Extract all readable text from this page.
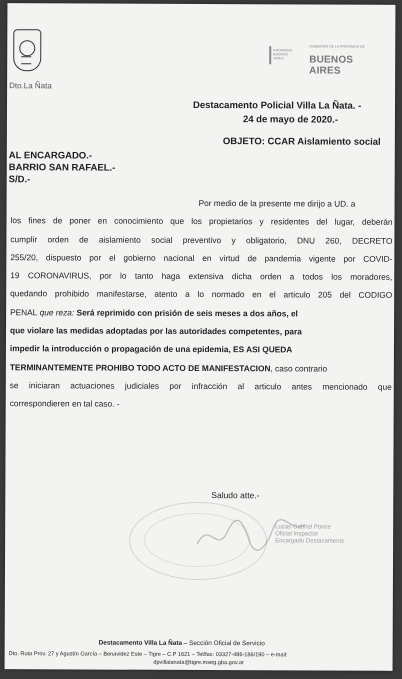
Dto.La Ñata
PROVINCIA BUENOS AIRES
GOBIERNO DE LA PROVINCIA DE
BUENOS AIRES
Destacamento Policial Villa La Ñata. -
24 de mayo de 2020.-
OBJETO: CCAR Aislamiento social
AL ENCARGADO.-
BARRIO SAN RAFAEL.-
S/D.-
Por medio de la presente me dirijo a UD. a
los fines de poner en conocimiento que los propietarios y residentes del lugar, deberán
cumplir orden de aislamiento social preventivo y obligatorio, DNU 260, DECRETO
255/20, dispuesto por el gobierno nacional en virtud de pandemia vigente por COVID-
19 CORONAVIRUS, por lo tanto haga extensiva dicha orden a todos los moradores,
quedando prohibido manifestarse, atento a lo normado en el articulo 205 del CODIGO
PENAL que reza: Será reprimido con prisión de seis meses a dos años, el
que violare las medidas adoptadas por las autoridades competentes, para
impedir la introducción o propagación de una epidemia, ES ASI QUEDA
TERMINANTEMENTE PROHIBO TODO ACTO DE MANIFESTACION, caso contrario
se iniciaran actuaciones judiciales por infracción al articulo antes mencionado que
correspondieren en tal caso. -
Saludo atte.-
Lucas Gabriel Ponce
Oficial Inspector
Encargado Destacamento
Destacamento Villa La Ñata – Sección Oficial de Servicio
Dto. Ruta Prov. 27 y Agustín García – Benavidez Este – Tigre – C.P 1621 – Tel/fax: 03327-486-186/190 – e-mail:
dpvillalanata@tigre.mseg.gba.gov.ar
